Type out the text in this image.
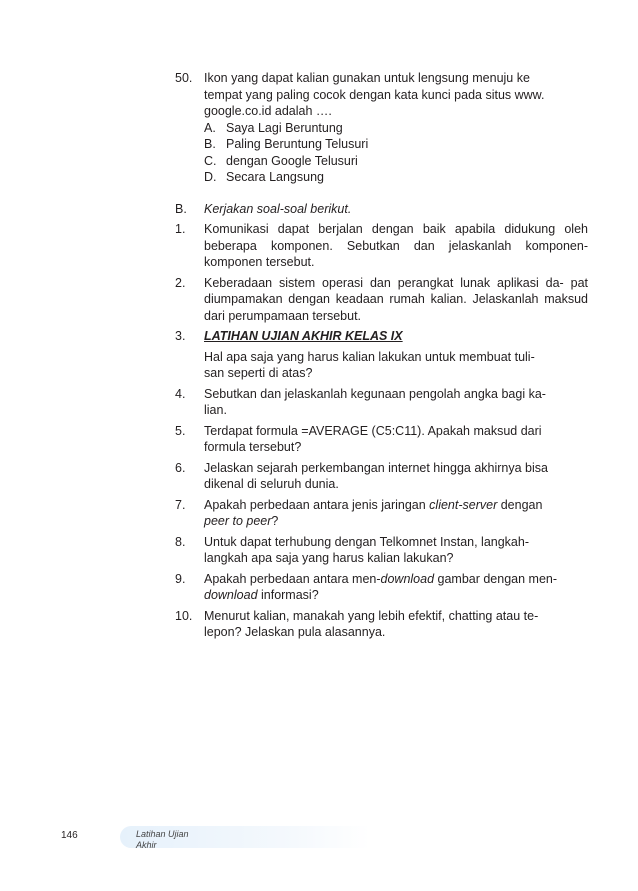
50. Ikon yang dapat kalian gunakan untuk lengsung menuju ke
tempat yang paling cocok dengan kata kunci pada situs www.
google.co.id adalah ….
A. Saya Lagi Beruntung
B. Paling Beruntung Telusuri
C. dengan Google Telusuri
D. Secara Langsung
B.	Kerjakan soal-soal berikut.
1.	Komunikasi dapat berjalan dengan baik apabila didukung oleh beberapa komponen. Sebutkan dan jelaskanlah komponen-komponen tersebut.
2.	Keberadaan sistem operasi dan perangkat lunak aplikasi da- pat diumpamakan dengan keadaan rumah kalian. Jelaskanlah maksud dari perumpamaan tersebut.
3.	LATIHAN UJIAN AKHIR KELAS IX
Hal apa saja yang harus kalian lakukan untuk membuat tuli-
san seperti di atas?
4.	Sebutkan dan jelaskanlah kegunaan pengolah angka bagi ka-
lian.
5.	Terdapat formula =AVERAGE (C5:C11). Apakah maksud dari
formula tersebut?
6.	Jelaskan sejarah perkembangan internet hingga akhirnya bisa
dikenal di seluruh dunia.
7.	Apakah perbedaan antara jenis jaringan client-server dengan
peer to peer?
8.	Untuk dapat terhubung dengan Telkomnet Instan, langkah-
langkah apa saja yang harus kalian lakukan?
9.	Apakah perbedaan antara men-download gambar dengan men-
download informasi?
10. Menurut kalian, manakah yang lebih efektif, chatting atau te-
lepon? Jelaskan pula alasannya.
146	Latihan Ujian
Akhir
